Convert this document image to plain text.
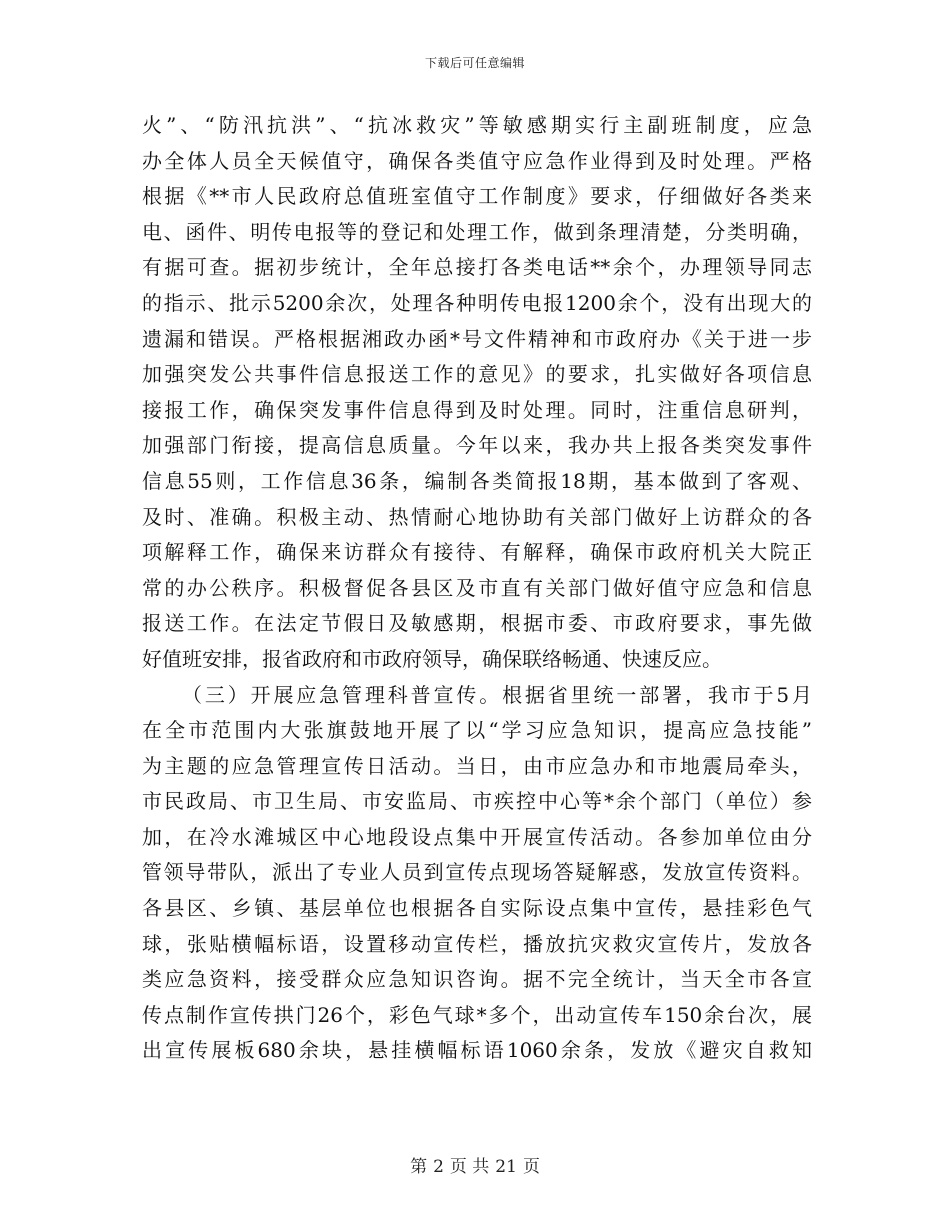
下载后可任意编辑
火”、“防汛抗洪”、“抗冰救灾”等敏感期实行主副班制度，应急
办全体人员全天候值守，确保各类值守应急作业得到及时处理。严格
根据《**市人民政府总值班室值守工作制度》要求，仔细做好各类来
电、函件、明传电报等的登记和处理工作，做到条理清楚，分类明确，
有据可查。据初步统计，全年总接打各类电话**余个，办理领导同志
的指示、批示5200余次，处理各种明传电报1200余个，没有出现大的
遗漏和错误。严格根据湘政办函*号文件精神和市政府办《关于进一步
加强突发公共事件信息报送工作的意见》的要求，扎实做好各项信息
接报工作，确保突发事件信息得到及时处理。同时，注重信息研判，
加强部门衔接，提高信息质量。今年以来，我办共上报各类突发事件
信息55则，工作信息36条，编制各类简报18期，基本做到了客观、
及时、准确。积极主动、热情耐心地协助有关部门做好上访群众的各
项解释工作，确保来访群众有接待、有解释，确保市政府机关大院正
常的办公秩序。积极督促各县区及市直有关部门做好值守应急和信息
报送工作。在法定节假日及敏感期，根据市委、市政府要求，事先做
好值班安排，报省政府和市政府领导，确保联络畅通、快速反应。
（三）开展应急管理科普宣传。根据省里统一部署，我市于5月
在全市范围内大张旗鼓地开展了以“学习应急知识，提高应急技能”
为主题的应急管理宣传日活动。当日，由市应急办和市地震局牵头，
市民政局、市卫生局、市安监局、市疾控中心等*余个部门（单位）参
加，在冷水滩城区中心地段设点集中开展宣传活动。各参加单位由分
管领导带队，派出了专业人员到宣传点现场答疑解惑，发放宣传资料。
各县区、乡镇、基层单位也根据各自实际设点集中宣传，悬挂彩色气
球，张贴横幅标语，设置移动宣传栏，播放抗灾救灾宣传片，发放各
类应急资料，接受群众应急知识咨询。据不完全统计，当天全市各宣
传点制作宣传拱门26个，彩色气球*多个，出动宣传车150余台次，展
出宣传展板680余块，悬挂横幅标语1060余条，发放《避灾自救知
第 2 页 共 21 页
